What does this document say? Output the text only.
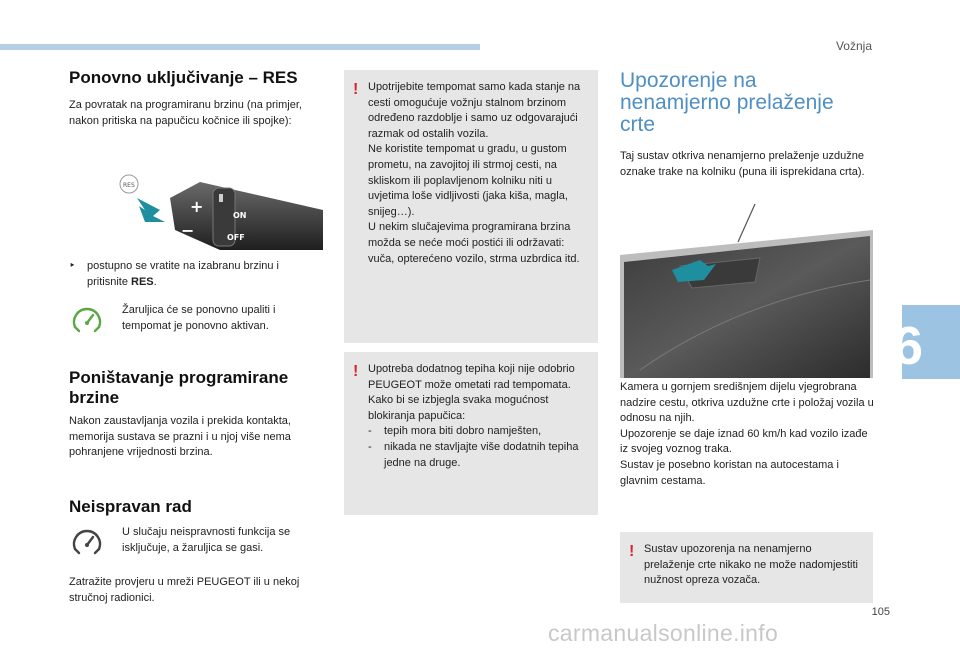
Vožnja
6
Ponovno uključivanje – RES

Za povratak na programiranu brzinu (na primjer, nakon pritiska na papučicu kočnice ili spojke):

+
−
ON
OFF
RES
‣	postupno se vratite na izabranu brzinu i pritisnite RES.

Žaruljica će se ponovno upaliti i tempomat je ponovno aktivan.

Poništavanje programirane brzine

Nakon zaustavljanja vozila i prekida kontakta, memorija sustava se prazni i u njoj više nema pohranjene vrijednosti brzina.

Neispravan rad

U slučaju neispravnosti funkcija se isključuje, a žaruljica se gasi.

Zatražite provjeru u mreži PEUGEOT ili u nekoj stručnoj radionici.

! Upotrijebite tempomat samo kada stanje na cesti omogućuje vožnju stalnom brzinom određeno razdoblje i samo uz odgovarajući razmak od ostalih vozila.

Ne koristite tempomat u gradu, u gustom prometu, na zavojitoj ili strmoj cesti, na skliskom ili poplavljenom kolniku niti u uvjetima loše vidljivosti (jaka kiša, magla, snijeg…).

U nekim slučajevima programirana brzina možda se neće moći postići ili održavati: vuča, opterećeno vozilo, strma uzbrdica itd.

! Upotreba dodatnog tepiha koji nije odobrio PEUGEOT može ometati rad tempomata. Kako bi se izbjegla svaka mogućnost blokiranja papučica:

-	tepih mora biti dobro namješten,

-	nikada ne stavljajte više dodatnih tepiha jedne na druge.

Upozorenje na
nenamjerno prelaženje
crte

Taj sustav otkriva nenamjerno prelaženje uzdužne oznake trake na kolniku (puna ili isprekidana crta).

Kamera u gornjem središnjem dijelu vjegrobrana nadzire cestu, otkriva uzdužne crte i položaj vozila u odnosu na njih.

Upozorenje se daje iznad 60 km/h kad vozilo izađe iz svojeg voznog traka.

Sustav je posebno koristan na autocestama i glavnim cestama.

! Sustav upozorenja na nenamjerno prelaženje crte nikako ne može nadomjestiti nužnost opreza vozača.

105
carmanualsonline.info
